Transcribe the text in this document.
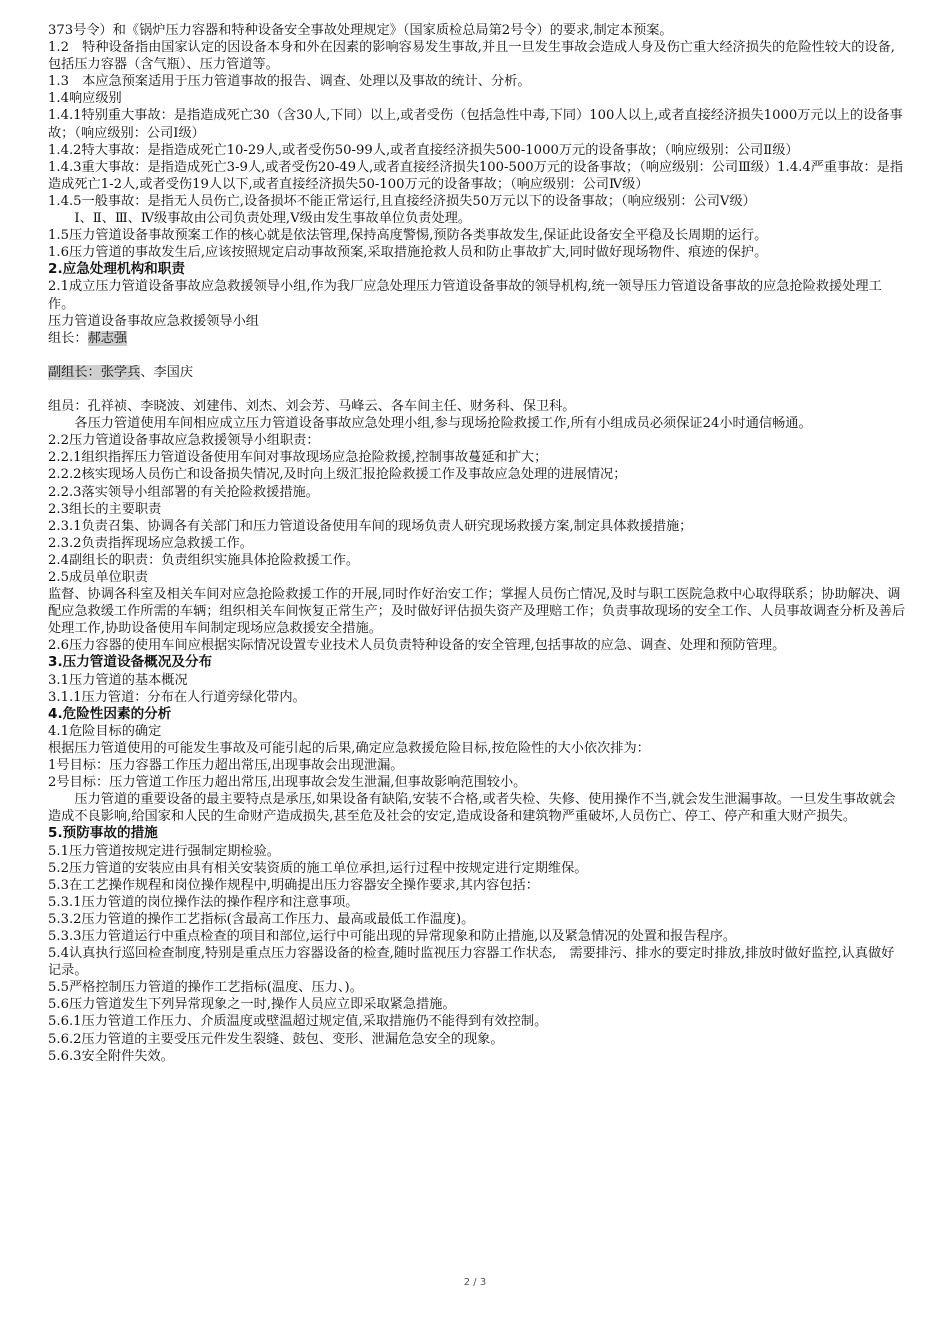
373号令）和《锅炉压力容器和特种设备安全事故处理规定》（国家质检总局第2号令）的要求,制定本预案。

1.2　特种设备指由国家认定的因设备本身和外在因素的影响容易发生事故,并且一旦发生事故会造成人身及伤亡重大经济损失的危险性较大的设备,包括压力容器（含气瓶）、压力管道等。

1.3　本应急预案适用于压力管道事故的报告、调查、处理以及事故的统计、分析。

1.4响应级别

1.4.1特别重大事故：是指造成死亡30（含30人,下同）以上,或者受伤（包括急性中毒,下同）100人以上,或者直接经济损失1000万元以上的设备事故；（响应级别：公司Ⅰ级）

1.4.2特大事故：是指造成死亡10-29人,或者受伤50-99人,或者直接经济损失500-1000万元的设备事故；（响应级别：公司Ⅱ级）

1.4.3重大事故：是指造成死亡3-9人,或者受伤20-49人,或者直接经济损失100-500万元的设备事故；（响应级别：公司Ⅲ级）1.4.4严重事故：是指造成死亡1-2人,或者受伤19人以下,或者直接经济损失50-100万元的设备事故；（响应级别：公司Ⅳ级）

1.4.5一般事故：是指无人员伤亡,设备损坏不能正常运行,且直接经济损失50万元以下的设备事故；（响应级别：公司Ⅴ级）

Ⅰ、Ⅱ、Ⅲ、Ⅳ级事故由公司负责处理,Ⅴ级由发生事故单位负责处理。

1.5压力管道设备事故预案工作的核心就是依法管理,保持高度警惕,预防各类事故发生,保证此设备安全平稳及长周期的运行。

1.6压力管道的事故发生后,应该按照规定启动事故预案,采取措施抢救人员和防止事故扩大,同时做好现场物件、痕迹的保护。

2.应急处理机构和职责

2.1成立压力管道设备事故应急救援领导小组,作为我厂应急处理压力管道设备事故的领导机构,统一领导压力管道设备事故的应急抢险救援处理工作。

压力管道设备事故应急救援领导小组

组长：郝志强

副组长：张学兵、李国庆

组员：孔祥祯、李晓波、刘建伟、刘杰、刘会芳、马峰云、各车间主任、财务科、保卫科。

各压力管道使用车间相应成立压力管道设备事故应急处理小组,参与现场抢险救援工作,所有小组成员必须保证24小时通信畅通。

2.2压力管道设备事故应急救援领导小组职责：

2.2.1组织指挥压力管道设备使用车间对事故现场应急抢险救援,控制事故蔓延和扩大；

2.2.2核实现场人员伤亡和设备损失情况,及时向上级汇报抢险救援工作及事故应急处理的进展情况；

2.2.3落实领导小组部署的有关抢险救援措施。

2.3组长的主要职责

2.3.1负责召集、协调各有关部门和压力管道设备使用车间的现场负责人研究现场救援方案,制定具体救援措施；

2.3.2负责指挥现场应急救援工作。

2.4副组长的职责：负责组织实施具体抢险救援工作。

2.5成员单位职责

监督、协调各科室及相关车间对应急抢险救援工作的开展,同时作好治安工作；掌握人员伤亡情况,及时与职工医院急救中心取得联系；协助解决、调配应急救缓工作所需的车辆；组织相关车间恢复正常生产；及时做好评估损失资产及理赔工作；负责事故现场的安全工作、人员事故调查分析及善后处理工作,协助设备使用车间制定现场应急救援安全措施。

2.6压力容器的使用车间应根据实际情况设置专业技术人员负责特种设备的安全管理,包括事故的应急、调查、处理和预防管理。

3.压力管道设备概况及分布

3.1压力管道的基本概况

3.1.1压力管道：分布在人行道旁绿化带内。

4.危险性因素的分析

4.1危险目标的确定

根据压力管道使用的可能发生事故及可能引起的后果,确定应急救援危险目标,按危险性的大小依次排为：

1号目标：压力容器工作压力超出常压,出现事故会出现泄漏。

2号目标：压力管道工作压力超出常压,出现事故会发生泄漏,但事故影响范围较小。

压力管道的重要设备的最主要特点是承压,如果设备有缺陷,安装不合格,或者失检、失修、使用操作不当,就会发生泄漏事故。一旦发生事故就会造成不良影响,给国家和人民的生命财产造成损失,甚至危及社会的安定,造成设备和建筑物严重破坏,人员伤亡、停工、停产和重大财产损失。

5.预防事故的措施

5.1压力管道按规定进行强制定期检验。

5.2压力管道的安装应由具有相关安装资质的施工单位承担,运行过程中按规定进行定期维保。

5.3在工艺操作规程和岗位操作规程中,明确提出压力容器安全操作要求,其内容包括：

5.3.1压力管道的岗位操作法的操作程序和注意事项。

5.3.2压力管道的操作工艺指标(含最高工作压力、最高或最低工作温度)。

5.3.3压力管道运行中重点检查的项目和部位,运行中可能出现的异常现象和防止措施,以及紧急情况的处置和报告程序。

5.4认真执行巡回检查制度,特别是重点压力容器设备的检查,随时监视压力容器工作状态,　需要排污、排水的要定时排放,排放时做好监控,认真做好记录。

5.5严格控制压力管道的操作工艺指标(温度、压力、)。

5.6压力管道发生下列异常现象之一时,操作人员应立即采取紧急措施。

5.6.1压力管道工作压力、介质温度或壁温超过规定值,采取措施仍不能得到有效控制。

5.6.2压力管道的主要受压元件发生裂缝、鼓包、变形、泄漏危急安全的现象。

5.6.3安全附件失效。

2 / 3
